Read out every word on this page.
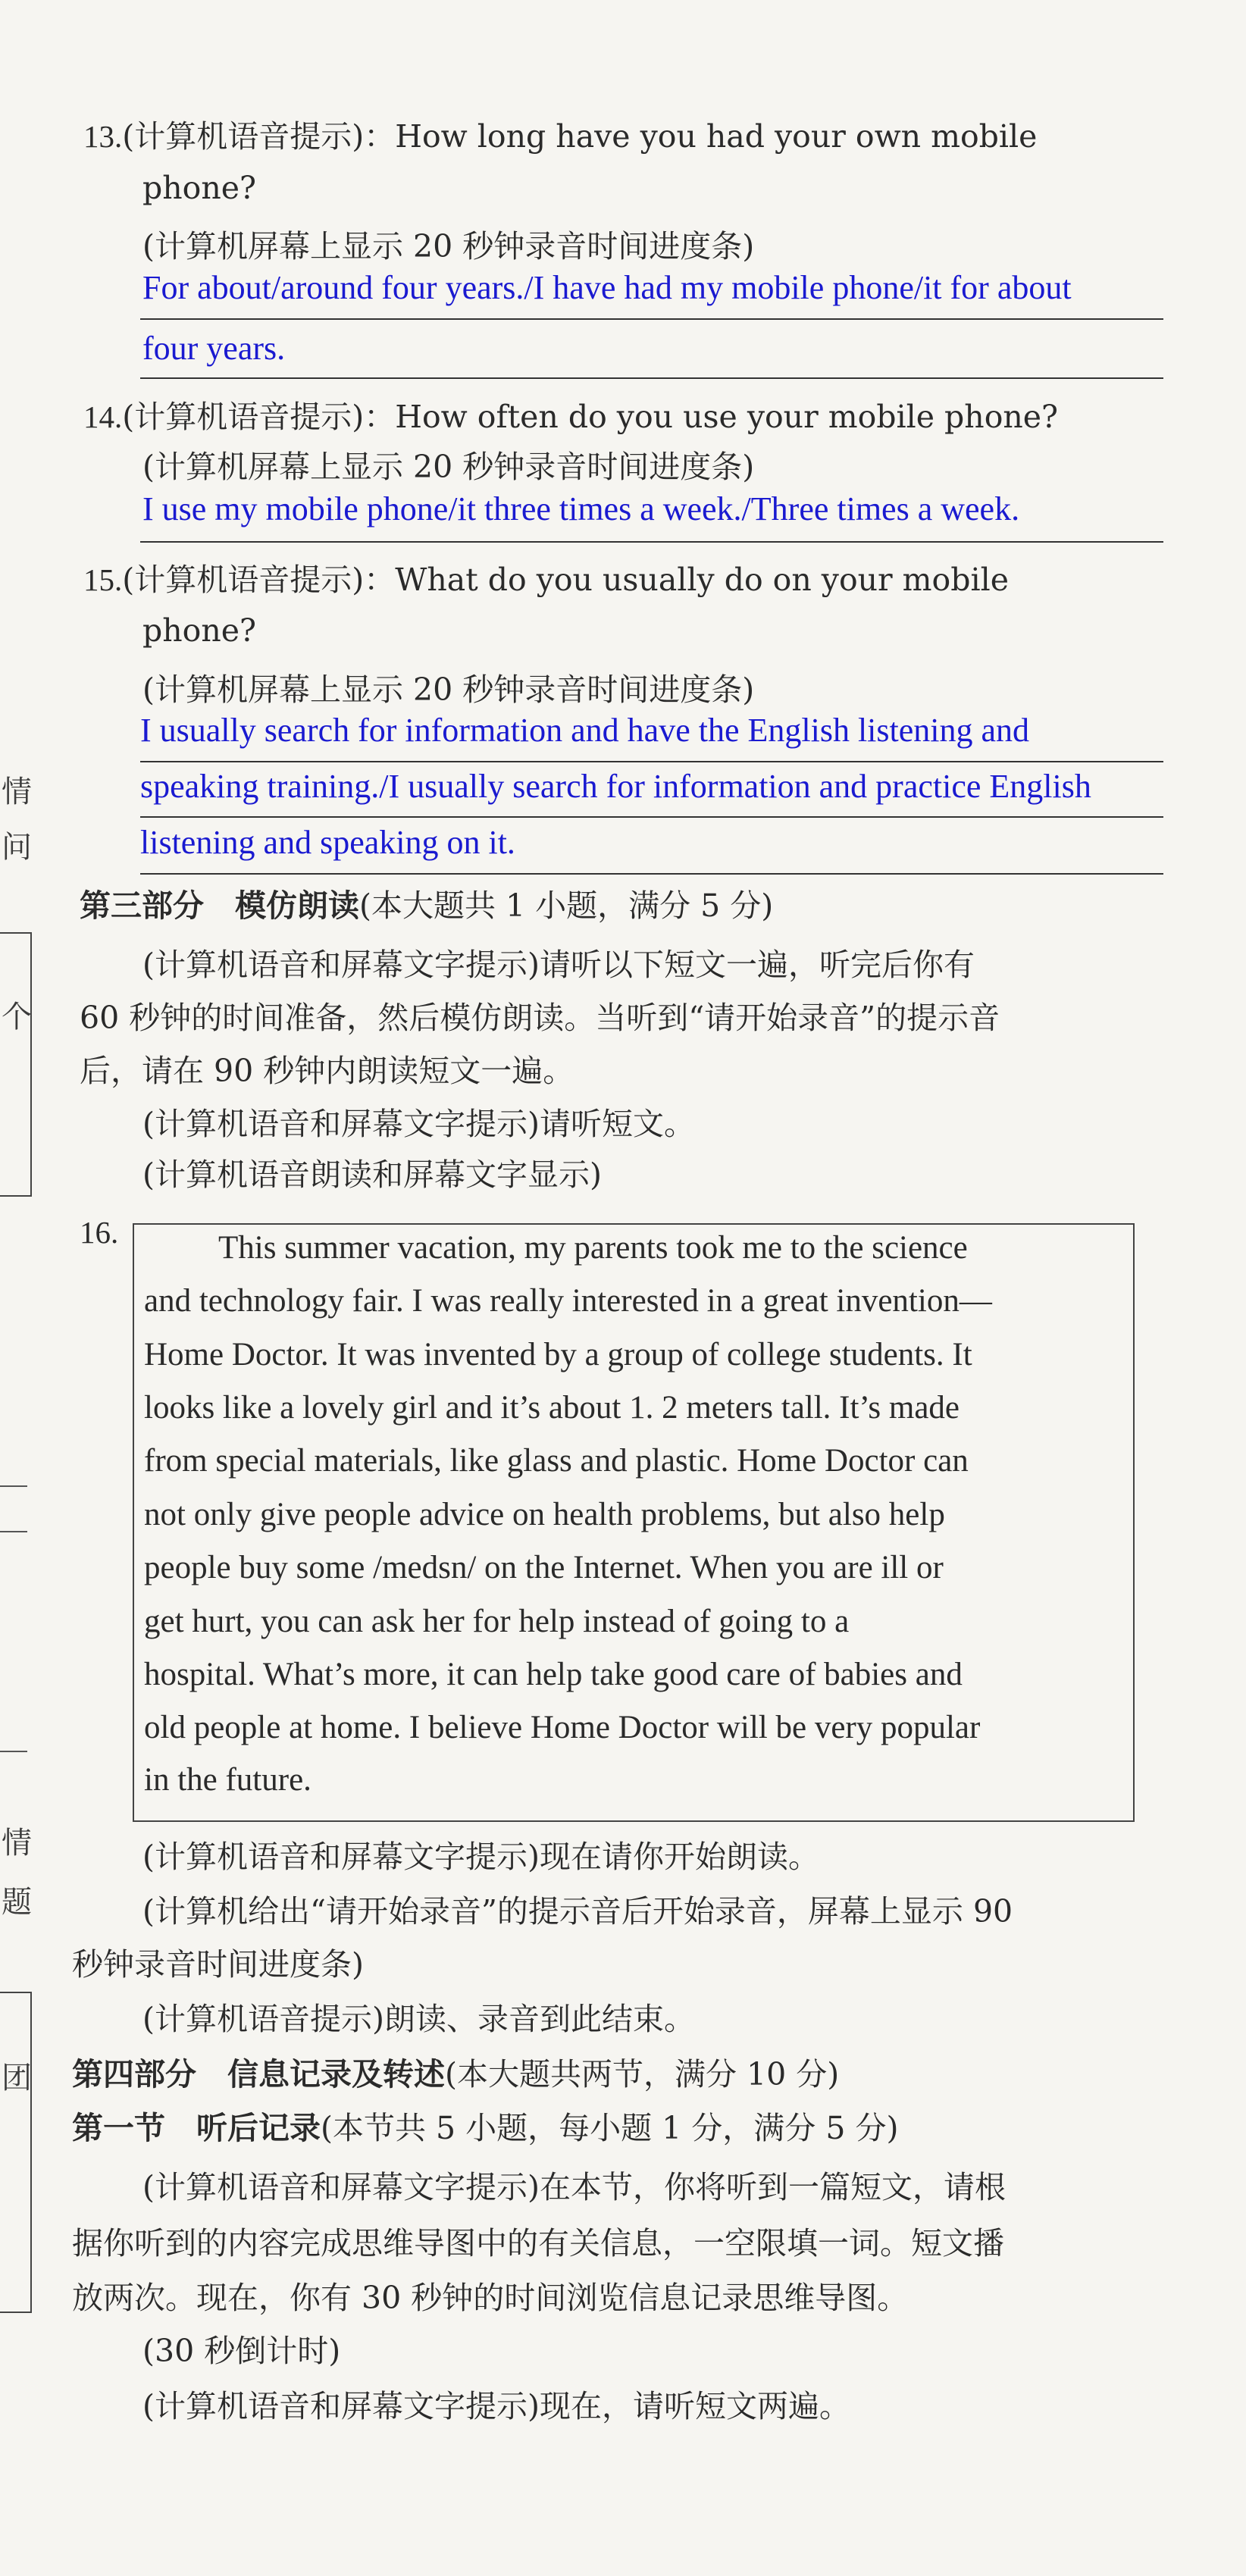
情
问
个
情
题
团
13.(计算机语音提示)：How long have you had your own mobile
phone?
(计算机屏幕上显示 20 秒钟录音时间进度条)
For about/around four years./I have had my mobile phone/it for about
four years.
14.(计算机语音提示)：How often do you use your mobile phone?
(计算机屏幕上显示 20 秒钟录音时间进度条)
I use my mobile phone/it three times a week./Three times a week.
15.(计算机语音提示)：What do you usually do on your mobile
phone?
(计算机屏幕上显示 20 秒钟录音时间进度条)
I usually search for information and have the English listening and
speaking training./I usually search for information and practice English
listening and speaking on it.
第三部分　模仿朗读(本大题共 1 小题，满分 5 分)
(计算机语音和屏幕文字提示)请听以下短文一遍，听完后你有
60 秒钟的时间准备，然后模仿朗读。当听到“请开始录音”的提示音
后，请在 90 秒钟内朗读短文一遍。
(计算机语音和屏幕文字提示)请听短文。
(计算机语音朗读和屏幕文字显示)
16.	This summer vacation, my parents took me to the science
and technology fair. I was really interested in a great invention—
Home Doctor. It was invented by a group of college students. It
looks like a lovely girl and it’s about 1. 2 meters tall. It’s made
from special materials, like glass and plastic. Home Doctor can
not only give people advice on health problems, but also help
people buy some /medsn/ on the Internet. When you are ill or
get hurt, you can ask her for help instead of going to a
hospital. What’s more, it can help take good care of babies and
old people at home. I believe Home Doctor will be very popular
in the future.
(计算机语音和屏幕文字提示)现在请你开始朗读。
(计算机给出“请开始录音”的提示音后开始录音，屏幕上显示 90
秒钟录音时间进度条)
(计算机语音提示)朗读、录音到此结束。
第四部分　信息记录及转述(本大题共两节，满分 10 分)
第一节　听后记录(本节共 5 小题，每小题 1 分，满分 5 分)
(计算机语音和屏幕文字提示)在本节，你将听到一篇短文，请根
据你听到的内容完成思维导图中的有关信息，一空限填一词。短文播
放两次。现在，你有 30 秒钟的时间浏览信息记录思维导图。
(30 秒倒计时)
(计算机语音和屏幕文字提示)现在，请听短文两遍。
